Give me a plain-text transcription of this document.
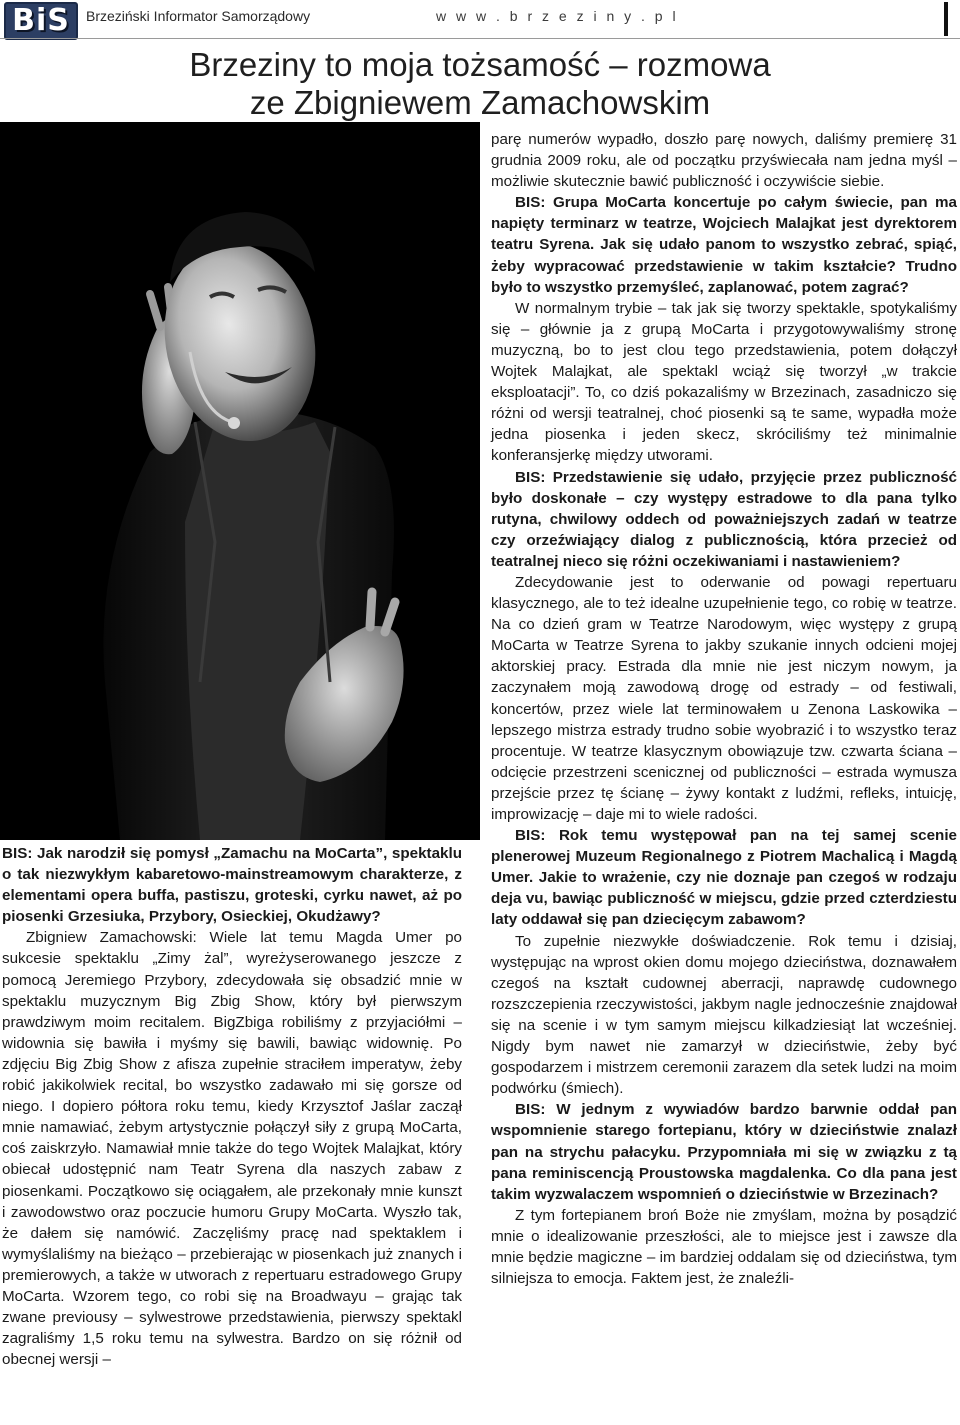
BiS	Brzeziński Informator Samorządowy	w w w . b r z e z i n y . p l
Brzeziny to moja tożsamość – rozmowa
ze Zbigniewem Zamachowskim

BIS: Jak narodził się pomysł „Zamachu na MoCarta”, spektaklu o tak niezwykłym kabaretowo-mainstreamowym charakterze, z elementami opera buffa, pastiszu, groteski, cyrku nawet, aż po piosenki Grzesiuka, Przybory, Osieckiej, Okudżawy?

Zbigniew Zamachowski: Wiele lat temu Magda Umer po sukcesie spektaklu „Zimy żal”, wyreżyserowanego jeszcze z pomocą Jeremiego Przybory, zdecydowała się obsadzić mnie w spektaklu muzycznym Big Zbig Show, który był pierwszym prawdziwym moim recitalem. BigZbiga robiliśmy z przyjaciółmi – widownia się bawiła i myśmy się bawili, bawiąc widownię. Po zdjęciu Big Zbig Show z afisza zupełnie straciłem imperatyw, żeby robić jakikolwiek recital, bo wszystko zadawało mi się gorsze od niego. I dopiero półtora roku temu, kiedy Krzysztof Jaślar zaczął mnie namawiać, żebym artystycznie połączył siły z grupą MoCarta, coś zaiskrzyło. Namawiał mnie także do tego Wojtek Malajkat, który obiecał udostępnić nam Teatr Syrena dla naszych zabaw z piosenkami. Początkowo się ociągałem, ale przekonały mnie kunszt i zawodowstwo oraz poczucie humoru Grupy MoCarta. Wyszło tak, że dałem się namówić. Zaczęliśmy pracę nad spektaklem i wymyślaliśmy na bieżąco – przebierając w piosenkach już znanych i premierowych, a także w utworach z repertuaru estradowego Grupy MoCarta. Wzorem tego, co robi się na Broadwayu – grając tak zwane previousy – sylwestrowe przedstawienia, pierwszy spektakl zagraliśmy 1,5 roku temu na sylwestra. Bardzo on się różnił od obecnej wersji –

parę numerów wypadło, doszło parę nowych, daliśmy premierę 31 grudnia 2009 roku, ale od początku przyświecała nam jedna myśl – możliwie skutecznie bawić publiczność i oczywiście siebie.

BIS: Grupa MoCarta koncertuje po całym świecie, pan ma napięty terminarz w teatrze, Wojciech Malajkat jest dyrektorem teatru Syrena. Jak się udało panom to wszystko zebrać, spiąć, żeby wypracować przedstawienie w takim kształcie? Trudno było to wszystko przemyśleć, zaplanować, potem zagrać?

W normalnym trybie – tak jak się tworzy spektakle, spotykaliśmy się – głównie ja z grupą MoCarta i przygotowywaliśmy stronę muzyczną, bo to jest clou tego przedstawienia, potem dołączył Wojtek Malajkat, ale spektakl wciąż się tworzył „w trakcie eksploatacji”. To, co dziś pokazaliśmy w Brzezinach, zasadniczo się różni od wersji teatralnej, choć piosenki są te same, wypadła może jedna piosenka i jeden skecz, skróciliśmy też minimalnie konferansjerkę między utworami.

BIS: Przedstawienie się udało, przyjęcie przez publiczność było doskonałe – czy występy estradowe to dla pana tylko rutyna, chwilowy oddech od poważniejszych zadań w teatrze czy orzeźwiający dialog z publicznością, która przecież od teatralnej nieco się różni oczekiwaniami i nastawieniem?

Zdecydowanie jest to oderwanie od powagi repertuaru klasycznego, ale to też idealne uzupełnienie tego, co robię w teatrze. Na co dzień gram w Teatrze Narodowym, więc występy z grupą MoCarta w Teatrze Syrena to jakby szukanie innych odcieni mojej aktorskiej pracy. Estrada dla mnie nie jest niczym nowym, ja zaczynałem moją zawodową drogę od estrady – od festiwali, koncertów, przez wiele lat terminowałem u Zenona Laskowika – lepszego mistrza estrady trudno sobie wyobrazić i to wszystko teraz procentuje. W teatrze klasycznym obowiązuje tzw. czwarta ściana – odcięcie przestrzeni scenicznej od publiczności – estrada wymusza przejście przez tę ścianę – żywy kontakt z ludźmi, refleks, intuicję, improwizację – daje mi to wiele radości.

BIS: Rok temu występował pan na tej samej scenie plenerowej Muzeum Regionalnego z Piotrem Machalicą i Magdą Umer. Jakie to wrażenie, czy nie doznaje pan czegoś w rodzaju deja vu, bawiąc publiczność w miejscu, gdzie przed czterdziestu laty oddawał się pan dziecięcym zabawom?

To zupełnie niezwykłe doświadczenie. Rok temu i dzisiaj, występując na wprost okien domu mojego dzieciństwa, doznawałem czegoś na kształt cudownej aberracji, naprawdę cudownego rozszczepienia rzeczywistości, jakbym nagle jednocześnie znajdował się na scenie i w tym samym miejscu kilkadziesiąt lat wcześniej. Nigdy bym nawet nie zamarzył w dzieciństwie, żeby być gospodarzem i mistrzem ceremonii zarazem dla setek ludzi na moim podwórku (śmiech).

BIS: W jednym z wywiadów bardzo barwnie oddał pan wspomnienie starego fortepianu, który w dzieciństwie znalazł pan na strychu pałacyku. Przypomniała mi się w związku z tą pana reminiscencją Proustowska magdalenka. Co dla pana jest takim wyzwalaczem wspomnień o dzieciństwie w Brzezinach?

Z tym fortepianem broń Boże nie zmyślam, można by posądzić mnie o idealizowanie przeszłości, ale to miejsce jest i zawsze dla mnie będzie magiczne – im bardziej oddalam się od dzieciństwa, tym silniejsza to emocja. Faktem jest, że znaleźli-
